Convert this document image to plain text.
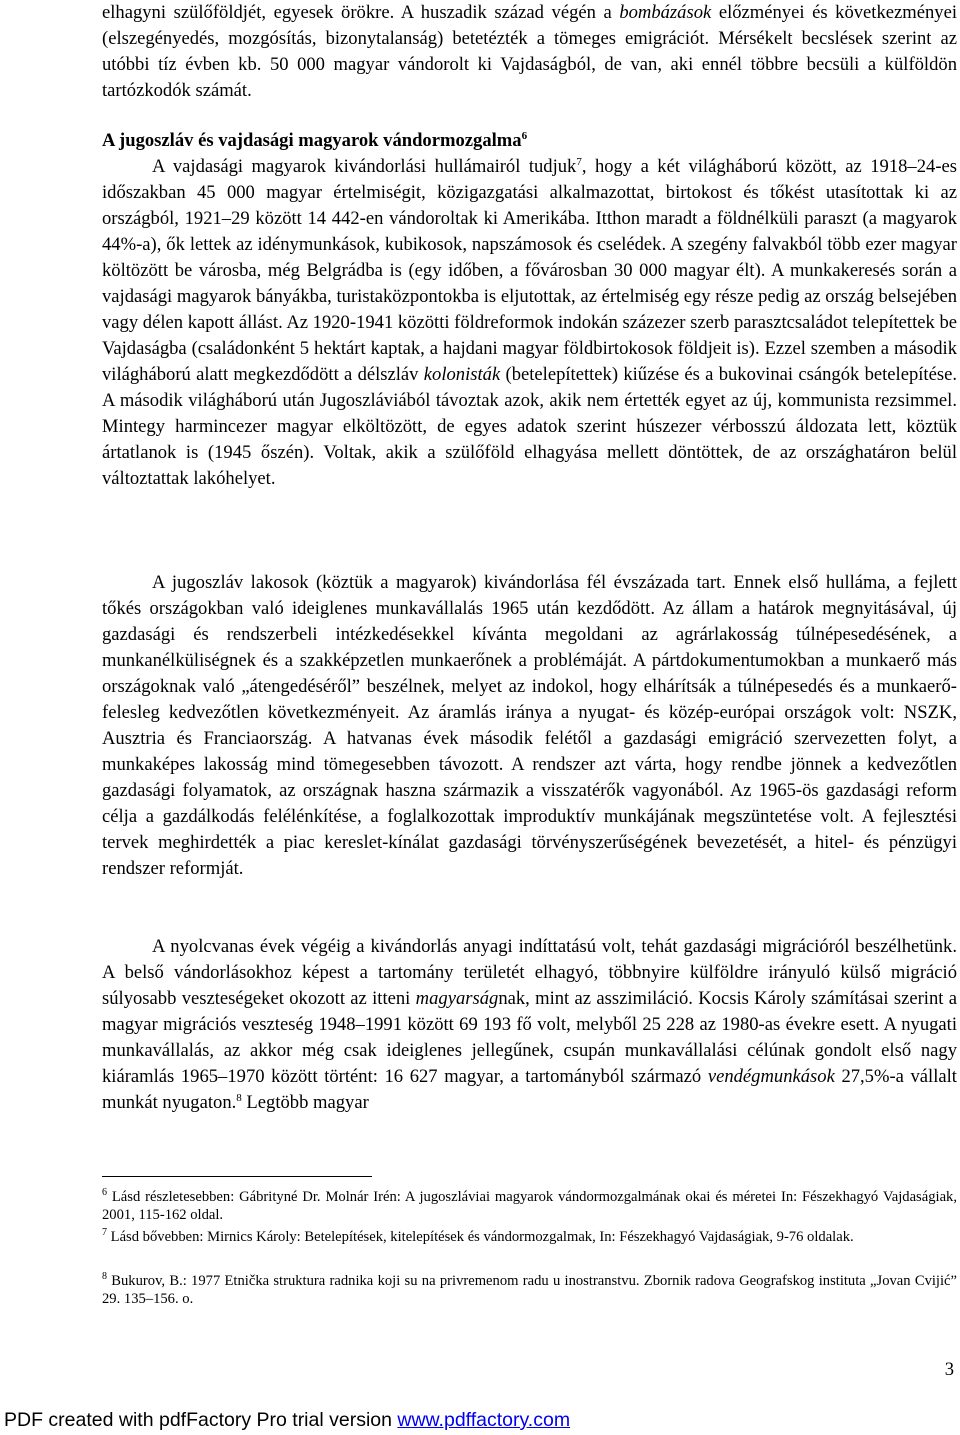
elhagyni szülőföldjét, egyesek örökre. A huszadik század végén a bombázások előzményei és következményei (elszegényedés, mozgósítás, bizonytalanság) betetézték a tömeges emigrációt. Mérsékelt becslések szerint az utóbbi tíz évben kb. 50 000 magyar vándorolt ki Vajdaságból, de van, aki ennél többre becsüli a külföldön tartózkodók számát.

A jugoszláv és vajdasági magyarok vándormozgalma$^6$

A vajdasági magyarok kivándorlási hullámairól tudjuk$^7$, hogy a két világháború között, az 1918–24-es időszakban 45 000 magyar értelmiségit, közigazgatási alkalmazottat, birtokost és tőkést utasítottak ki az országból, 1921–29 között 14 442-en vándoroltak ki Amerikába. Itthon maradt a földnélküli paraszt (a magyarok 44%-a), ők lettek az idénymunkások, kubikosok, napszámosok és cselédek. A szegény falvakból több ezer magyar költözött be városba, még Belgrádba is (egy időben, a fővárosban 30 000 magyar élt). A munkakeresés során a vajdasági magyarok bányákba, turistaközpontokba is eljutottak, az értelmiség egy része pedig az ország belsejében vagy délen kapott állást. Az 1920-1941 közötti földreformok indokán százezer szerb parasztcsaládot telepítettek be Vajdaságba (családonként 5 hektárt kaptak, a hajdani magyar földbirtokosok földjeit is). Ezzel szemben a második világháború alatt megkezdődött a délszláv kolonisták (betelepítettek) kiűzése és a bukovinai csángók betelepítése. A második világháború után Jugoszláviából távoztak azok, akik nem értették egyet az új, kommunista rezsimmel. Mintegy harmincezer magyar elköltözött, de egyes adatok szerint húszezer vérbosszú áldozata lett, köztük ártatlanok is (1945 őszén). Voltak, akik a szülőföld elhagyása mellett döntöttek, de az országhatáron belül változtattak lakóhelyet.

A jugoszláv lakosok (köztük a magyarok) kivándorlása fél évszázada tart. Ennek első hulláma, a fejlett tőkés országokban való ideiglenes munkavállalás 1965 után kezdődött. Az állam a határok megnyitásával, új gazdasági és rendszerbeli intézkedésekkel kívánta megoldani az agrárlakosság túlnépesedésének, a munkanélküliségnek és a szakképzetlen munkaerőnek a problémáját. A pártdokumentumokban a munkaerő más országoknak való „átengedéséről” beszélnek, melyet az indokol, hogy elhárítsák a túlnépesedés és a munkaerő-felesleg kedvezőtlen következményeit. Az áramlás iránya a nyugat- és közép-európai országok volt: NSZK, Ausztria és Franciaország. A hatvanas évek második felétől a gazdasági emigráció szervezetten folyt, a munkaképes lakosság mind tömegesebben távozott. A rendszer azt várta, hogy rendbe jönnek a kedvezőtlen gazdasági folyamatok, az országnak haszna származik a visszatérők vagyonából. Az 1965-ös gazdasági reform célja a gazdálkodás felélénkítése, a foglalkozottak improduktív munkájának megszüntetése volt. A fejlesztési tervek meghirdették a piac kereslet-kínálat gazdasági törvényszerűségének bevezetését, a hitel- és pénzügyi rendszer reformját.

A nyolcvanas évek végéig a kivándorlás anyagi indíttatású volt, tehát gazdasági migrációról beszélhetünk. A belső vándorlásokhoz képest a tartomány területét elhagyó, többnyire külföldre irányuló külső migráció súlyosabb veszteségeket okozott az itteni magyarságnak, mint az asszimiláció. Kocsis Károly számításai szerint a magyar migrációs veszteség 1948–1991 között 69 193 fő volt, melyből 25 228 az 1980-as évekre esett. A nyugati munkavállalás, az akkor még csak ideiglenes jellegűnek, csupán munkavállalási célúnak gondolt első nagy kiáramlás 1965–1970 között történt: 16 627 magyar, a tartományból származó vendégmunkások 27,5%-a vállalt munkát nyugaton.$^8$ Legtöbb magyar

$^6$ Lásd részletesebben: Gábrityné Dr. Molnár Irén: A jugoszláviai magyarok vándormozgalmának okai és méretei In: Fészekhagyó Vajdaságiak, 2001, 115-162 oldal.

$^7$ Lásd bővebben: Mirnics Károly: Betelepítések, kitelepítések és vándormozgalmak, In: Fészekhagyó Vajdaságiak, 9-76 oldalak.

$^8$ Bukurov, B.: 1977 Etnička struktura radnika koji su na privremenom radu u inostranstvu. Zbornik radova Geografskog instituta „Jovan Cvijić” 29. 135–156. o.

3
PDF created with pdfFactory Pro trial version www.pdffactory.com
